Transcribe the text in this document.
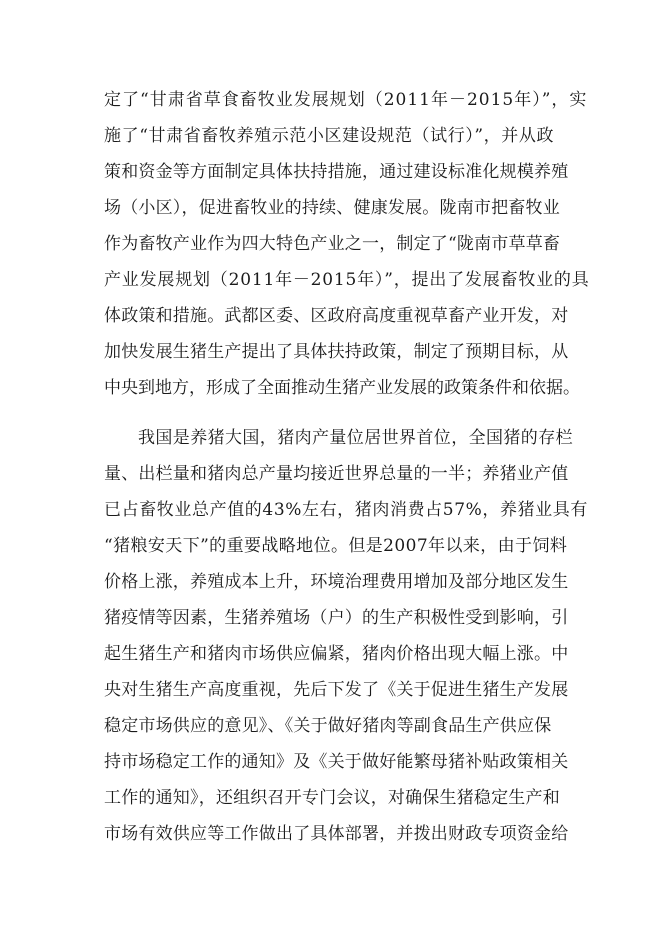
定了“甘肃省草食畜牧业发展规划（2011年－2015年）”，实
施了“甘肃省畜牧养殖示范小区建设规范（试行）”，并从政
策和资金等方面制定具体扶持措施，通过建设标准化规模养殖
场（小区），促进畜牧业的持续、健康发展。陇南市把畜牧业
作为畜牧产业作为四大特色产业之一，制定了“陇南市草草畜
产业发展规划（2011年－2015年）”，提出了发展畜牧业的具
体政策和措施。武都区委、区政府高度重视草畜产业开发，对
加快发展生猪生产提出了具体扶持政策，制定了预期目标，从
中央到地方，形成了全面推动生猪产业发展的政策条件和依据。
我国是养猪大国，猪肉产量位居世界首位，全国猪的存栏
量、出栏量和猪肉总产量均接近世界总量的一半；养猪业产值
已占畜牧业总产值的43%左右，猪肉消费占57%，养猪业具有
“猪粮安天下”的重要战略地位。但是2007年以来，由于饲料
价格上涨，养殖成本上升，环境治理费用增加及部分地区发生
猪疫情等因素，生猪养殖场（户）的生产积极性受到影响，引
起生猪生产和猪肉市场供应偏紧，猪肉价格出现大幅上涨。中
央对生猪生产高度重视，先后下发了《关于促进生猪生产发展
稳定市场供应的意见》、《关于做好猪肉等副食品生产供应保
持市场稳定工作的通知》及《关于做好能繁母猪补贴政策相关
工作的通知》，还组织召开专门会议，对确保生猪稳定生产和
市场有效供应等工作做出了具体部署，并拨出财政专项资金给
